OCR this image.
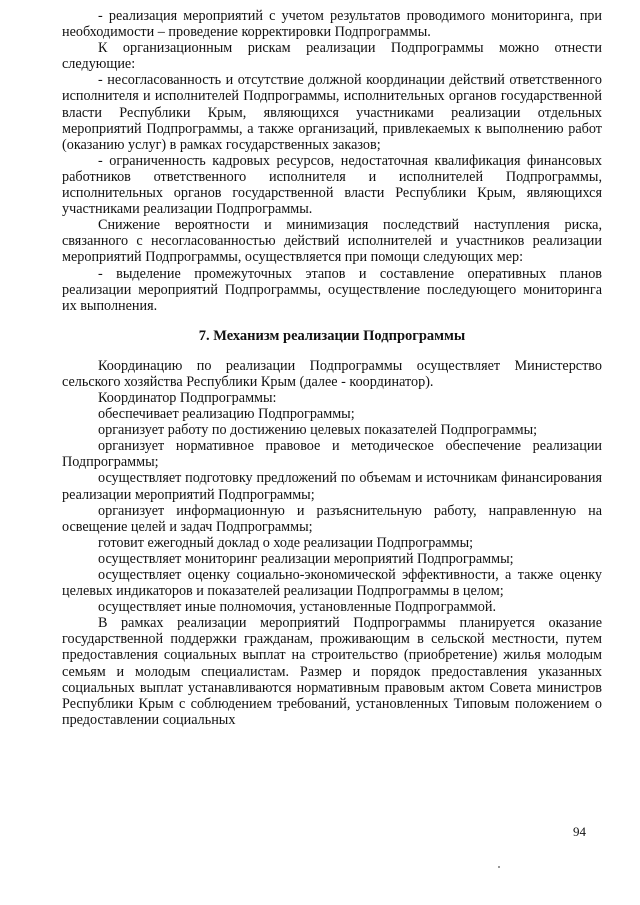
- реализация мероприятий с учетом результатов проводимого мониторинга, при необходимости – проведение корректировки Подпрограммы.

К организационным рискам реализации Подпрограммы можно отнести следующие:

- несогласованность и отсутствие должной координации действий ответственного исполнителя и исполнителей Подпрограммы, исполнительных органов государственной власти Республики Крым, являющихся участниками реализации отдельных мероприятий Подпрограммы, а также организаций, привлекаемых к выполнению работ (оказанию услуг) в рамках государственных заказов;

- ограниченность кадровых ресурсов, недостаточная квалификация финансовых работников ответственного исполнителя и исполнителей Подпрограммы, исполнительных органов государственной власти Республики Крым, являющихся участниками реализации Подпрограммы.

Снижение вероятности и минимизация последствий наступления риска, связанного с несогласованностью действий исполнителей и участников реализации мероприятий Подпрограммы, осуществляется при помощи следующих мер:

- выделение промежуточных этапов и составление оперативных планов реализации мероприятий Подпрограммы, осуществление последующего мониторинга их выполнения.

7. Механизм реализации Подпрограммы

Координацию по реализации Подпрограммы осуществляет Министерство сельского хозяйства Республики Крым (далее - координатор).

Координатор Подпрограммы:

обеспечивает реализацию Подпрограммы;

организует работу по достижению целевых показателей Подпрограммы;

организует нормативное правовое и методическое обеспечение реализации Подпрограммы;

осуществляет подготовку предложений по объемам и источникам финансирования реализации мероприятий Подпрограммы;

организует информационную и разъяснительную работу, направленную на освещение целей и задач Подпрограммы;

готовит ежегодный доклад о ходе реализации Подпрограммы;

осуществляет мониторинг реализации мероприятий Подпрограммы;

осуществляет оценку социально-экономической эффективности, а также оценку целевых индикаторов и показателей реализации Подпрограммы в целом;

осуществляет иные полномочия, установленные Подпрограммой.

В рамках реализации мероприятий Подпрограммы планируется оказание государственной поддержки гражданам, проживающим в сельской местности, путем предоставления социальных выплат на строительство (приобретение) жилья молодым семьям и молодым специалистам. Размер и порядок предоставления указанных социальных выплат устанавливаются нормативным правовым актом Совета министров Республики Крым с соблюдением требований, установленных Типовым положением о предоставлении социальных

94
